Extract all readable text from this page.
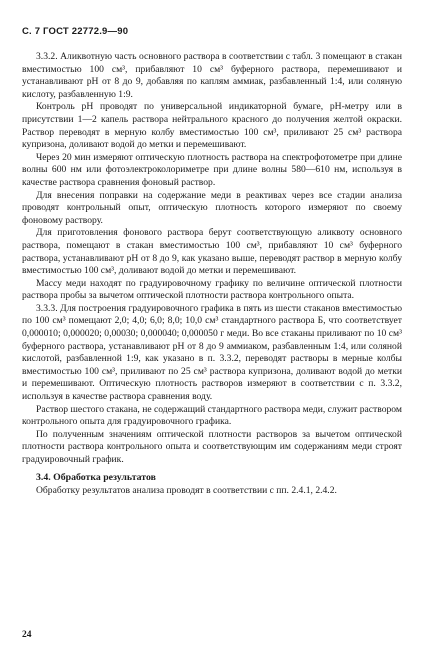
С. 7 ГОСТ 22772.9—90

3.3.2. Аликвотную часть основного раствора в соответствии с табл. 3 помещают в стакан вместимостью 100 см³, прибавляют 10 см³ буферного раствора, перемешивают и устанавливают pH от 8 до 9, добавляя по каплям аммиак, разбавленный 1:4, или соляную кислоту, разбавленную 1:9.

Контроль pH проводят по универсальной индикаторной бумаге, pH-метру или в присутствии 1—2 капель раствора нейтрального красного до получения желтой окраски. Раствор переводят в мерную колбу вместимостью 100 см³, приливают 25 см³ раствора купризона, доливают водой до метки и перемешивают.

Через 20 мин измеряют оптическую плотность раствора на спектрофотометре при длине волны 600 нм или фотоэлектроколориметре при длине волны 580—610 нм, используя в качестве раствора сравнения фоновый раствор.

Для внесения поправки на содержание меди в реактивах через все стадии анализа проводят контрольный опыт, оптическую плотность которого измеряют по своему фоновому раствору.

Для приготовления фонового раствора берут соответствующую аликвоту основного раствора, помещают в стакан вместимостью 100 см³, прибавляют 10 см³ буферного раствора, устанавливают pH от 8 до 9, как указано выше, переводят раствор в мерную колбу вместимостью 100 см³, доливают водой до метки и перемешивают.

Массу меди находят по градуировочному графику по величине оптической плотности раствора пробы за вычетом оптической плотности раствора контрольного опыта.

3.3.3. Для построения градуировочного графика в пять из шести стаканов вместимостью по 100 см³ помещают 2,0; 4,0; 6,0; 8,0; 10,0 см³ стандартного раствора Б, что соответствует 0,000010; 0,000020; 0,00030; 0,000040; 0,000050 г меди. Во все стаканы приливают по 10 см³ буферного раствора, устанавливают pH от 8 до 9 аммиаком, разбавленным 1:4, или соляной кислотой, разбавленной 1:9, как указано в п. 3.3.2, переводят растворы в мерные колбы вместимостью 100 см³, приливают по 25 см³ раствора купризона, доливают водой до метки и перемешивают. Оптическую плотность растворов измеряют в соответствии с п. 3.3.2, используя в качестве раствора сравнения воду.

Раствор шестого стакана, не содержащий стандартного раствора меди, служит раствором контрольного опыта для градуировочного графика.

По полученным значениям оптической плотности растворов за вычетом оптической плотности раствора контрольного опыта и соответствующим им содержаниям меди строят градуировочный график.

3.4. Обработка результатов

Обработку результатов анализа проводят в соответствии с пп. 2.4.1, 2.4.2.

24
